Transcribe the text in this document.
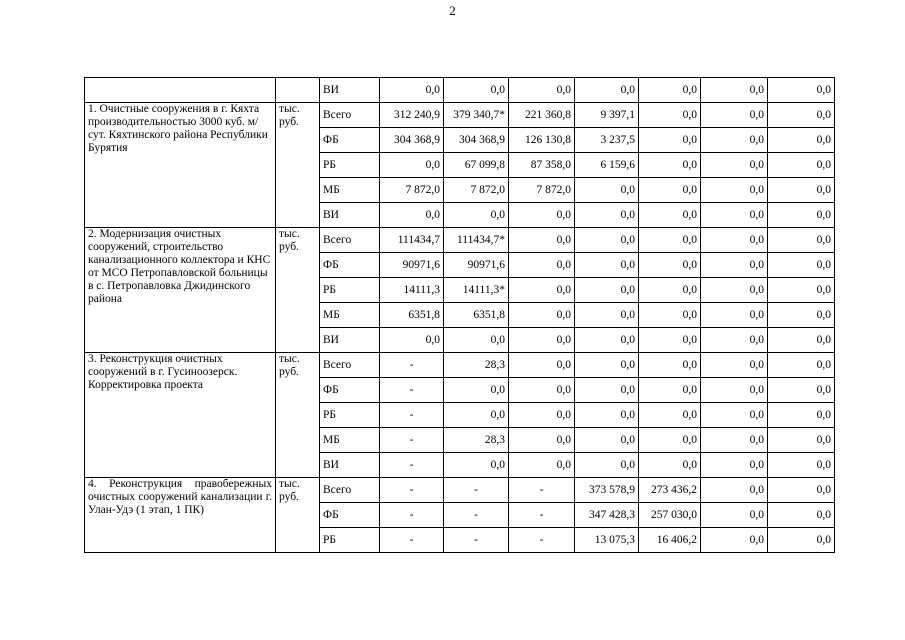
2
		ВИ	0,0	0,0	0,0	0,0	0,0	0,0	0,0
1. Очистные сооружения в г. Кяхта производительностью 3000 куб. м/сут. Кяхтинского района Республики Бурятия	тыс. руб.	Всего	312 240,9	379 340,7*	221 360,8	9 397,1	0,0	0,0	0,0
		ФБ	304 368,9	304 368,9	126 130,8	3 237,5	0,0	0,0	0,0
		РБ	0,0	67 099,8	87 358,0	6 159,6	0,0	0,0	0,0
		МБ	7 872,0	7 872,0	7 872,0	0,0	0,0	0,0	0,0
		ВИ	0,0	0,0	0,0	0,0	0,0	0,0	0,0
2. Модернизация очистных сооружений, строительство канализационного коллектора и КНС от МСО Петропавловской больницы в с. Петропавловка Джидинского района	тыс. руб.	Всего	111434,7	111434,7*	0,0	0,0	0,0	0,0	0,0
		ФБ	90971,6	90971,6	0,0	0,0	0,0	0,0	0,0
		РБ	14111,3	14111,3*	0,0	0,0	0,0	0,0	0,0
		МБ	6351,8	6351,8	0,0	0,0	0,0	0,0	0,0
		ВИ	0,0	0,0	0,0	0,0	0,0	0,0	0,0
3. Реконструкция очистных сооружений в г. Гусиноозерск. Корректировка проекта	тыс. руб.	Всего	-	28,3	0,0	0,0	0,0	0,0	0,0
		ФБ	-	0,0	0,0	0,0	0,0	0,0	0,0
		РБ	-	0,0	0,0	0,0	0,0	0,0	0,0
		МБ	-	28,3	0,0	0,0	0,0	0,0	0,0
		ВИ	-	0,0	0,0	0,0	0,0	0,0	0,0
4. Реконструкция правобережных очистных сооружений канализации г. Улан-Удэ (1 этап, 1 ПК)	тыс. руб.	Всего	-	-	-	373 578,9	273 436,2	0,0	0,0
		ФБ	-	-	-	347 428,3	257 030,0	0,0	0,0
		РБ	-	-	-	13 075,3	16 406,2	0,0	0,0
